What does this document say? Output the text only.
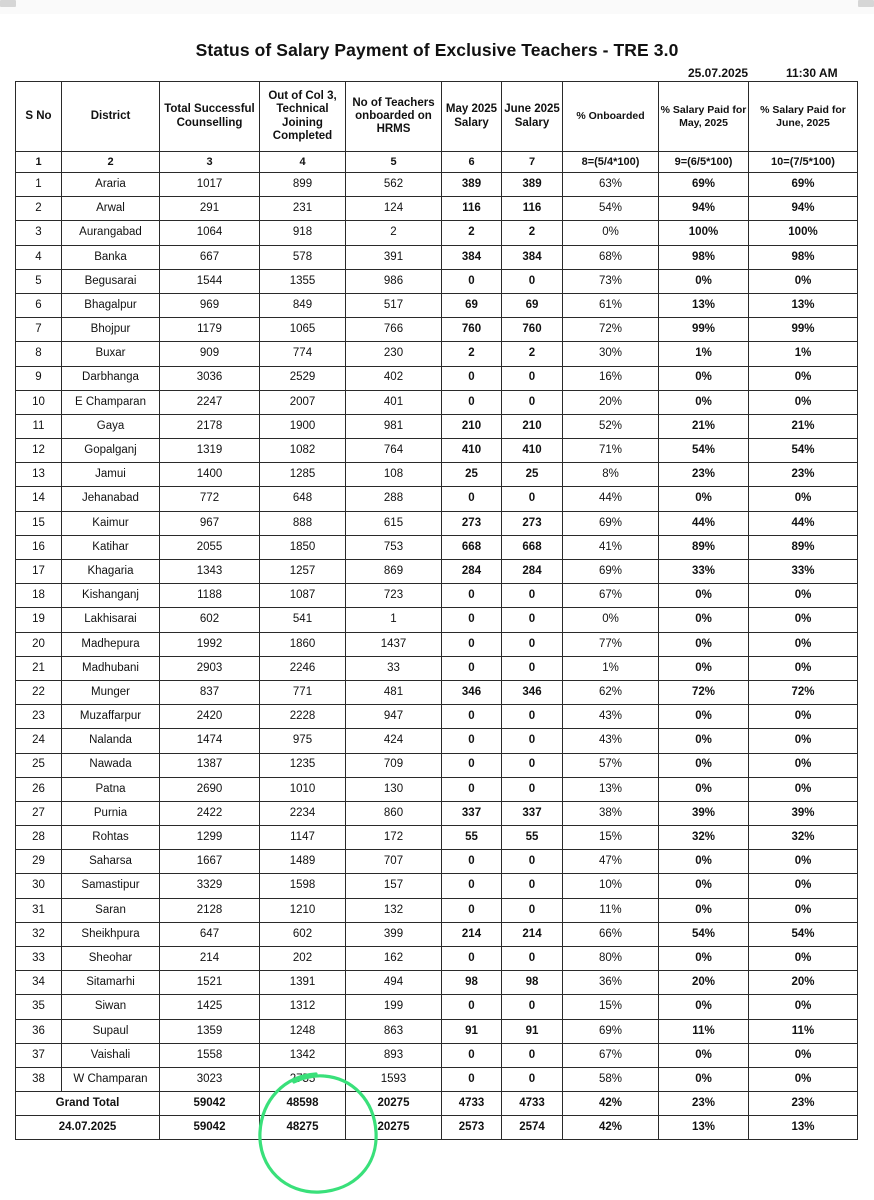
Status of Salary Payment of Exclusive Teachers - TRE 3.0
25.07.2025	11:30 AM
S No	District	Total Successful Counselling	Out of Col 3, Technical Joining Completed	No of Teachers onboarded on HRMS	May 2025 Salary	June 2025 Salary	% Onboarded	% Salary Paid for May, 2025	% Salary Paid for June, 2025
1	2	3	4	5	6	7	8=(5/4*100)	9=(6/5*100)	10=(7/5*100)
1	Araria	1017	899	562	389	389	63%	69%	69%
2	Arwal	291	231	124	116	116	54%	94%	94%
3	Aurangabad	1064	918	2	2	2	0%	100%	100%
4	Banka	667	578	391	384	384	68%	98%	98%
5	Begusarai	1544	1355	986	0	0	73%	0%	0%
6	Bhagalpur	969	849	517	69	69	61%	13%	13%
7	Bhojpur	1179	1065	766	760	760	72%	99%	99%
8	Buxar	909	774	230	2	2	30%	1%	1%
9	Darbhanga	3036	2529	402	0	0	16%	0%	0%
10	E Champaran	2247	2007	401	0	0	20%	0%	0%
11	Gaya	2178	1900	981	210	210	52%	21%	21%
12	Gopalganj	1319	1082	764	410	410	71%	54%	54%
13	Jamui	1400	1285	108	25	25	8%	23%	23%
14	Jehanabad	772	648	288	0	0	44%	0%	0%
15	Kaimur	967	888	615	273	273	69%	44%	44%
16	Katihar	2055	1850	753	668	668	41%	89%	89%
17	Khagaria	1343	1257	869	284	284	69%	33%	33%
18	Kishanganj	1188	1087	723	0	0	67%	0%	0%
19	Lakhisarai	602	541	1	0	0	0%	0%	0%
20	Madhepura	1992	1860	1437	0	0	77%	0%	0%
21	Madhubani	2903	2246	33	0	0	1%	0%	0%
22	Munger	837	771	481	346	346	62%	72%	72%
23	Muzaffarpur	2420	2228	947	0	0	43%	0%	0%
24	Nalanda	1474	975	424	0	0	43%	0%	0%
25	Nawada	1387	1235	709	0	0	57%	0%	0%
26	Patna	2690	1010	130	0	0	13%	0%	0%
27	Purnia	2422	2234	860	337	337	38%	39%	39%
28	Rohtas	1299	1147	172	55	55	15%	32%	32%
29	Saharsa	1667	1489	707	0	0	47%	0%	0%
30	Samastipur	3329	1598	157	0	0	10%	0%	0%
31	Saran	2128	1210	132	0	0	11%	0%	0%
32	Sheikhpura	647	602	399	214	214	66%	54%	54%
33	Sheohar	214	202	162	0	0	80%	0%	0%
34	Sitamarhi	1521	1391	494	98	98	36%	20%	20%
35	Siwan	1425	1312	199	0	0	15%	0%	0%
36	Supaul	1359	1248	863	91	91	69%	11%	11%
37	Vaishali	1558	1342	893	0	0	67%	0%	0%
38	W Champaran	3023	2755	1593	0	0	58%	0%	0%
Grand Total		59042	48598	20275	4733	4733	42%	23%	23%
24.07.2025		59042	48275	20275	2573	2574	42%	13%	13%
